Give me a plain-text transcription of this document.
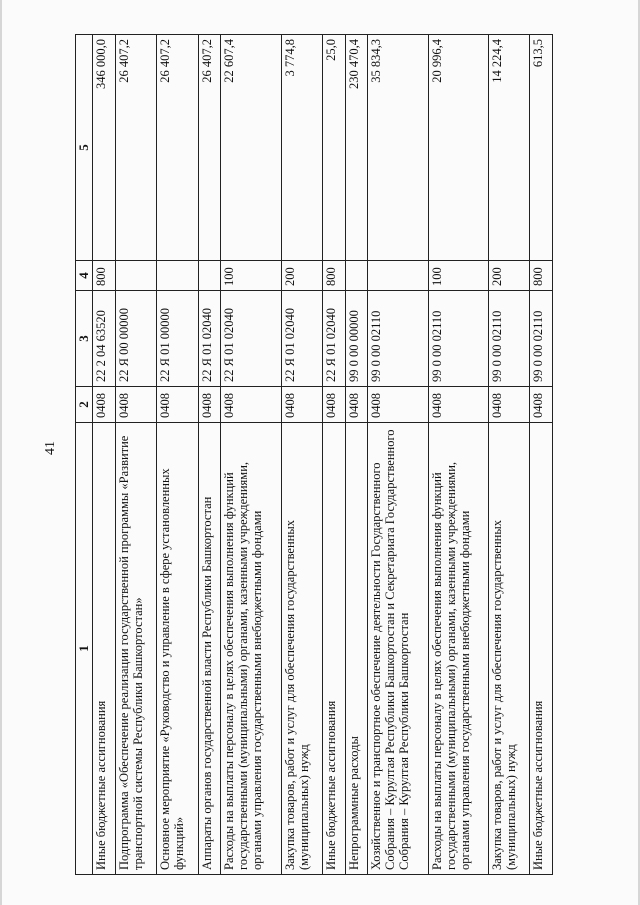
41
1	2	3	4	5
Иные бюджетные ассигнования	0408	22 2 04 63520	800	346 000,0
Подпрограмма «Обеспечение реализации государственной программы «Развитие транспортной системы Республики Башкортостан»	0408	22 Я 00 00000		26 407,2
Основное мероприятие «Руководство и управление в сфере установленных функций»	0408	22 Я 01 00000		26 407,2
Аппараты органов государственной власти Республики Башкортостан	0408	22 Я 01 02040		26 407,2
Расходы на выплаты персоналу в целях обеспечения выполнения функций государственными (муниципальными) органами, казенными учреждениями, органами управления государственными внебюджетными фондами	0408	22 Я 01 02040	100	22 607,4
Закупка товаров, работ и услуг для обеспечения государственных (муниципальных) нужд	0408	22 Я 01 02040	200	3 774,8
Иные бюджетные ассигнования	0408	22 Я 01 02040	800	25,0
Непрограммные расходы	0408	99 0 00 00000		230 470,4
Хозяйственное и транспортное обеспечение деятельности Государственного Собрания – Курултая Республики Башкортостан и Секретариата Государственного Собрания – Курултая Республики Башкортостан	0408	99 0 00 02110		35 834,3
Расходы на выплаты персоналу в целях обеспечения выполнения функций государственными (муниципальными) органами, казенными учреждениями, органами управления государственными внебюджетными фондами	0408	99 0 00 02110	100	20 996,4
Закупка товаров, работ и услуг для обеспечения государственных (муниципальных) нужд	0408	99 0 00 02110	200	14 224,4
Иные бюджетные ассигнования	0408	99 0 00 02110	800	613,5
